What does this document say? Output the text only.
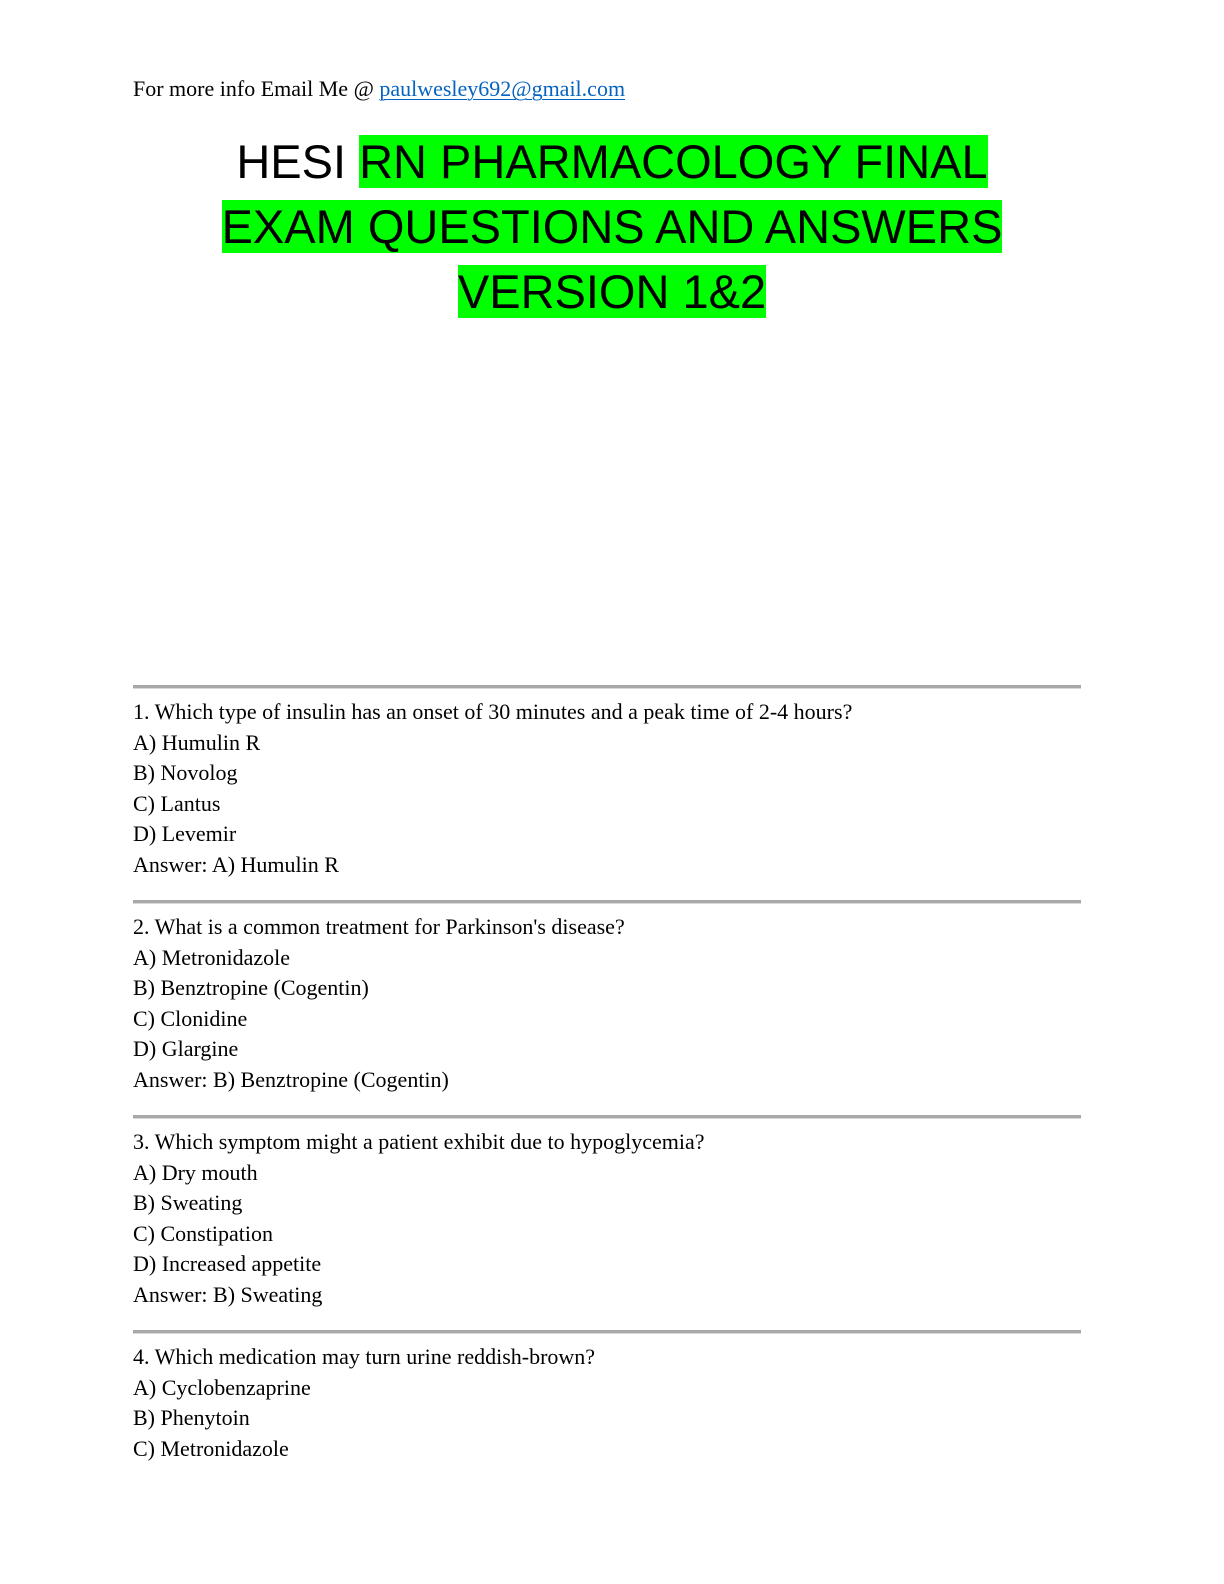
For more info Email Me @ paulwesley692@gmail.com
HESI RN PHARMACOLOGY FINAL
EXAM QUESTIONS AND ANSWERS
VERSION 1&2
1. Which type of insulin has an onset of 30 minutes and a peak time of 2-4 hours?
A) Humulin R
B) Novolog
C) Lantus
D) Levemir
Answer: A) Humulin R
2. What is a common treatment for Parkinson's disease?
A) Metronidazole
B) Benztropine (Cogentin)
C) Clonidine
D) Glargine
Answer: B) Benztropine (Cogentin)
3. Which symptom might a patient exhibit due to hypoglycemia?
A) Dry mouth
B) Sweating
C) Constipation
D) Increased appetite
Answer: B) Sweating
4. Which medication may turn urine reddish-brown?
A) Cyclobenzaprine
B) Phenytoin
C) Metronidazole
